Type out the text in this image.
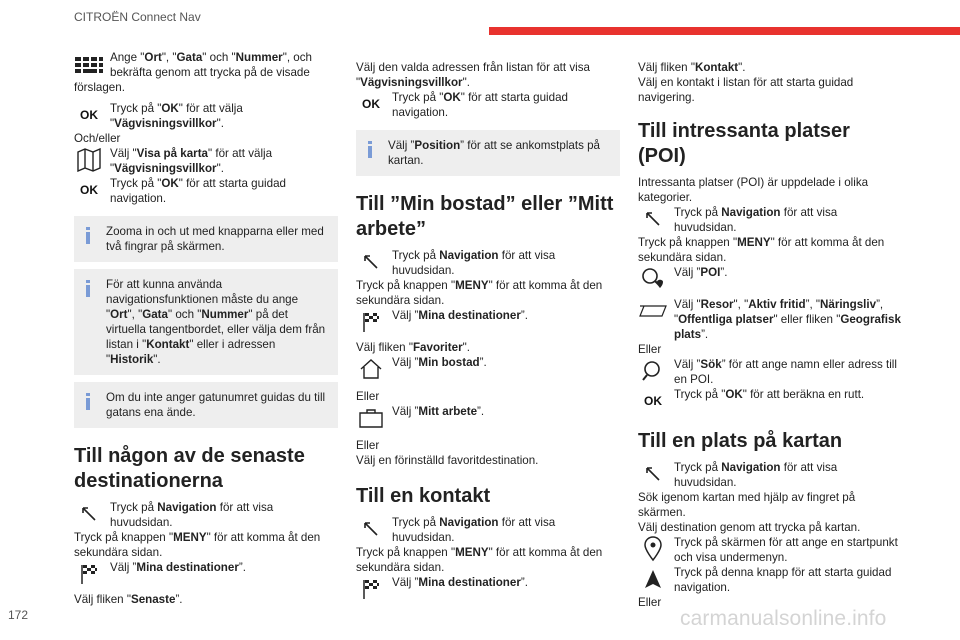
CITROËN Connect Nav
Ange "Ort", "Gata" och "Nummer", och bekräfta genom att trycka på de visade förslagen.
OK Tryck på "OK" för att välja "Vägvisningsvillkor".

Och/eller

Välj "Visa på karta" för att välja "Vägvisningsvillkor".
OK Tryck på "OK" för att starta guidad navigation.

Zooma in och ut med knapparna eller med två fingrar på skärmen.

För att kunna använda navigationsfunktionen måste du ange "Ort", "Gata" och "Nummer" på det virtuella tangentbordet, eller välja dem från listan i "Kontakt" eller i adressen "Historik".

Om du inte anger gatunumret guidas du till gatans ena ände.

Till någon av de senaste destinationerna
Tryck på Navigation för att visa huvudsidan.

Tryck på knappen "MENY" för att komma åt den sekundära sidan.

Välj ”Mina destinationer”.

Välj fliken "Senaste”.

Välj den valda adressen från listan för att visa "Vägvisningsvillkor".

OK Tryck på "OK" för att starta guidad navigation.

Välj ”Position” för att se ankomstplats på kartan.

Till ”Min bostad” eller ”Mitt arbete”
Tryck på Navigation för att visa huvudsidan.

Tryck på knappen "MENY" för att komma åt den sekundära sidan.

Välj ”Mina destinationer”.

Välj fliken "Favoriter".

Välj ”Min bostad”.

Eller

Välj ”Mitt arbete”.

Eller

Välj en förinställd favoritdestination.

Till en kontakt
Tryck på Navigation för att visa huvudsidan.

Tryck på knappen "MENY" för att komma åt den sekundära sidan.

Välj ”Mina destinationer”.

Välj fliken "Kontakt".

Välj en kontakt i listan för att starta guidad navigering.

Till intressanta platser (POI)

Intressanta platser (POI) är uppdelade i olika kategorier.

Tryck på Navigation för att visa huvudsidan.

Tryck på knappen "MENY" för att komma åt den sekundära sidan.

Välj ”POI”.
Välj "Resor", "Aktiv fritid”, "Näringsliv”, "Offentliga platser" eller fliken "Geografisk plats”.

Eller

Välj ”Sök” för att ange namn eller adress till en POI.
OK Tryck på "OK" för att beräkna en rutt.
Till en plats på kartan
Tryck på Navigation för att visa huvudsidan.

Sök igenom kartan med hjälp av fingret på skärmen.

Välj destination genom att trycka på kartan.

Tryck på skärmen för att ange en startpunkt och visa undermenyn.

Tryck på denna knapp för att starta guidad navigation.

Eller

172	carmanualsonline.info
